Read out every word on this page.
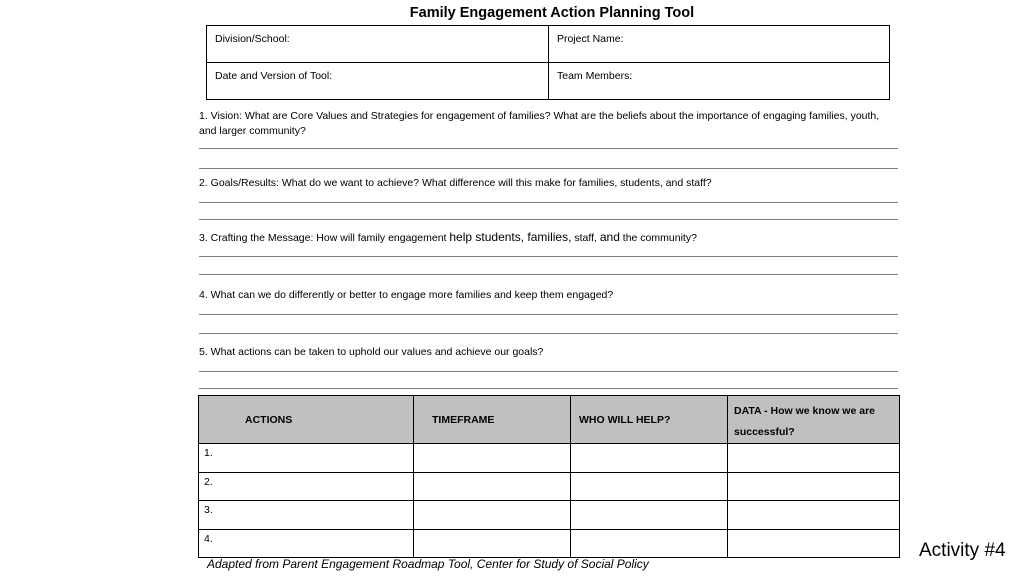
Family Engagement Action Planning Tool
Division/School:	Project Name:
Date and Version of Tool:	Team Members:
1. Vision: What are Core Values and Strategies for engagement of families? What are the beliefs about the importance of engaging families, youth, and larger community?
2. Goals/Results: What do we want to achieve? What difference will this make for families, students, and staff?
3. Crafting the Message: How will family engagement help students, families, staff, and the community?
4. What can we do differently or better to engage more families and keep them engaged?
5. What actions can be taken to uphold our values and achieve our goals?
ACTIONS	TIMEFRAME	WHO WILL HELP?	DATA - How we know we are successful?
1.			
2.			
3.			
4.			
Adapted from Parent Engagement Roadmap Tool, Center for Study of Social Policy
Activity #4
